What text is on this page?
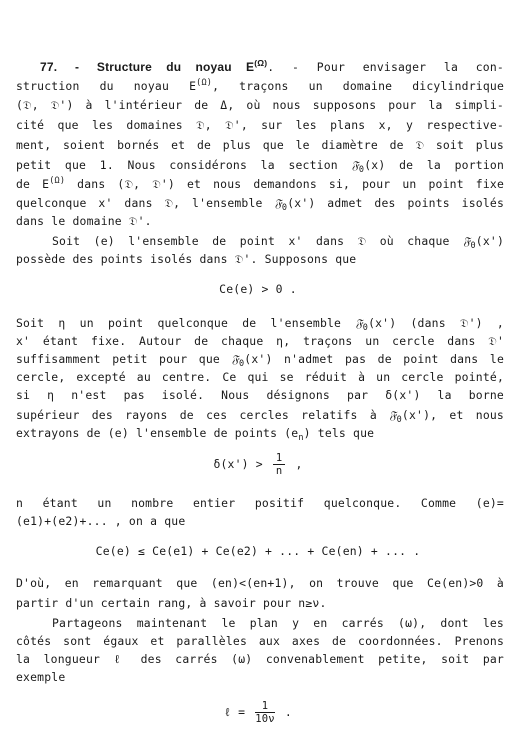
77. - Structure du noyau $E^{(\Omega)}$. - Pour envisager la con-
struction du noyau $E^{(\Omega)}$, traçons un domaine dicylindrique
(𝔇, 𝔇') à l'intérieur de Δ, où nous supposons pour la simpli-
cité que les domaines 𝔇, 𝔇', sur les plans x, y respective-
ment, soient bornés et de plus que le diamètre de 𝔇 soit plus
petit que 1. Nous considérons la section 𝔉$_0$(x) de la portion
de $E^{(\Omega)}$ dans (𝔇, 𝔇') et nous demandons si, pour un point fixe
quelconque x' dans 𝔇, l'ensemble 𝔉$_0$(x') admet des points isolés
dans le domaine 𝔇'.
Soit (e) l'ensemble de point x' dans 𝔇 où chaque 𝔉$_0$(x')
possède des points isolés dans 𝔇'. Supposons que
Ce(e) > 0 .
Soit η un point quelconque de l'ensemble 𝔉$_0$(x') (dans 𝔇') ,
x' étant fixe. Autour de chaque η, traçons un cercle dans 𝔇'
suffisamment petit pour que 𝔉$_0$(x') n'admet pas de point dans le
cercle, excepté au centre. Ce qui se réduit à un cercle pointé,
si η n'est pas isolé. Nous désignons par δ(x') la borne
supérieur des rayons de ces cercles relatifs à 𝔉$_0$(x'), et nous
extrayons de (e) l'ensemble de points $(e_n)$ tels que
$\delta(x') > \frac{1}{n}$ ,
n étant un nombre entier positif quelconque. Comme (e)=
(e1)+(e2)+... , on a que
Ce(e) ≤ Ce(e1) + Ce(e2) + ... + Ce(en) + ... .
D'où, en remarquant que (en)<(en+1), on trouve que Ce(en)>0 à
partir d'un certain rang, à savoir pour n≥ν.
Partageons maintenant le plan y en carrés (ω), dont les
côtés sont égaux et parallèles aux axes de coordonnées. Prenons
la longueur ℓ des carrés (ω) convenablement petite, soit par
exemple
ℓ = $\frac{1}{10\nu}$ .
